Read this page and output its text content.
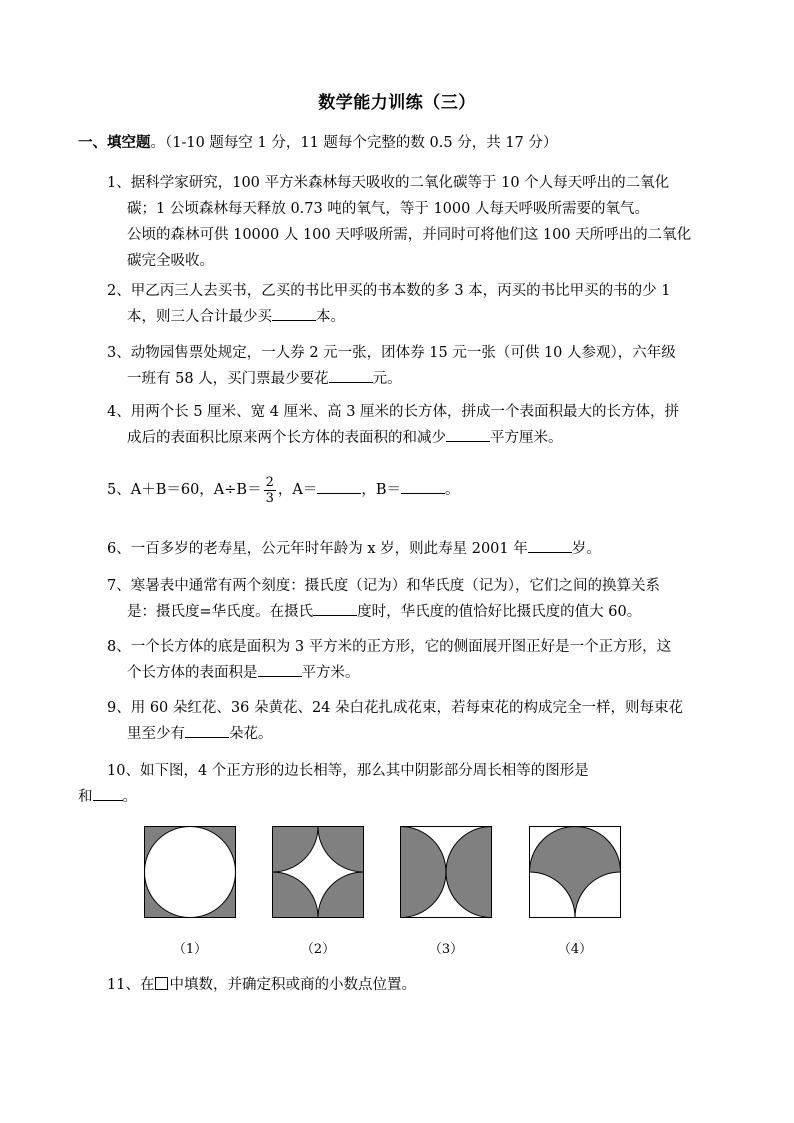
数学能力训练（三）
一、填空题。（1-10 题每空 1 分，11 题每个完整的数 0.5 分，共 17 分）
1、据科学家研究，100 平方米森林每天吸收的二氧化碳等于 10 个人每天呼出的二氧化
碳；1 公顷森林每天释放 0.73 吨的氧气，等于 1000 人每天呼吸所需要的氧气。
公顷的森林可供 10000 人 100 天呼吸所需，并同时可将他们这 100 天所呼出的二氧化
碳完全吸收。
2、甲乙丙三人去买书，乙买的书比甲买的书本数的多 3 本，丙买的书比甲买的书的少 1
本，则三人合计最少买	本。
3、动物园售票处规定，一人券 2 元一张，团体券 15 元一张（可供 10 人参观），六年级
一班有 58 人，买门票最少要花	元。
4、用两个长 5 厘米、宽 4 厘米、高 3 厘米的长方体，拼成一个表面积最大的长方体，拼
成后的表面积比原来两个长方体的表面积的和减少	平方厘米。
5、A＋B＝60，$A\div B= \frac{2}{3}$ ，A＝	，B＝	。
6、一百多岁的老寿星，公元年时年龄为 x 岁，则此寿星 2001 年	岁。
7、寒暑表中通常有两个刻度：摄氏度（记为）和华氏度（记为），它们之间的换算关系
是：摄氏度=华氏度。在摄氏	度时，华氏度的值恰好比摄氏度的值大 60。
8、一个长方体的底是面积为 3 平方米的正方形，它的侧面展开图正好是一个正方形，这
个长方体的表面积是	平方米。
9、用 60 朵红花、36 朵黄花、24 朵白花扎成花束，若每束花的构成完全一样，则每束花
里至少有	朵花。
10、如下图，4 个正方形的边长相等，那么其中阴影部分周长相等的图形是
和 。
（1）	（2）	（3）	（4）
11、在 中填数，并确定积或商的小数点位置。
